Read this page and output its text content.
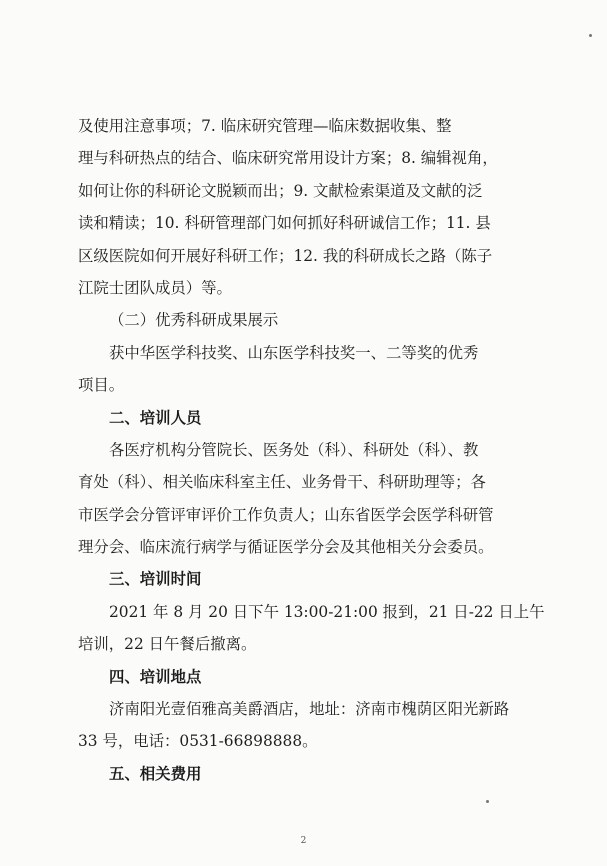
及使用注意事项；7. 临床研究管理—临床数据收集、整

理与科研热点的结合、临床研究常用设计方案；8. 编辑视角，

如何让你的科研论文脱颖而出；9. 文献检索渠道及文献的泛

读和精读；10. 科研管理部门如何抓好科研诚信工作；11. 县

区级医院如何开展好科研工作；12. 我的科研成长之路（陈子

江院士团队成员）等。

（二）优秀科研成果展示

获中华医学科技奖、山东医学科技奖一、二等奖的优秀

项目。

二、培训人员

各医疗机构分管院长、医务处（科）、科研处（科）、教

育处（科）、相关临床科室主任、业务骨干、科研助理等；各

市医学会分管评审评价工作负责人；山东省医学会医学科研管

理分会、临床流行病学与循证医学分会及其他相关分会委员。

三、培训时间

2021 年 8 月 20 日下午 13:00-21:00 报到，21 日-22 日上午

培训，22 日午餐后撤离。

四、培训地点

济南阳光壹佰雅高美爵酒店，地址：济南市槐荫区阳光新路

33 号，电话：0531-66898888。

五、相关费用

2
